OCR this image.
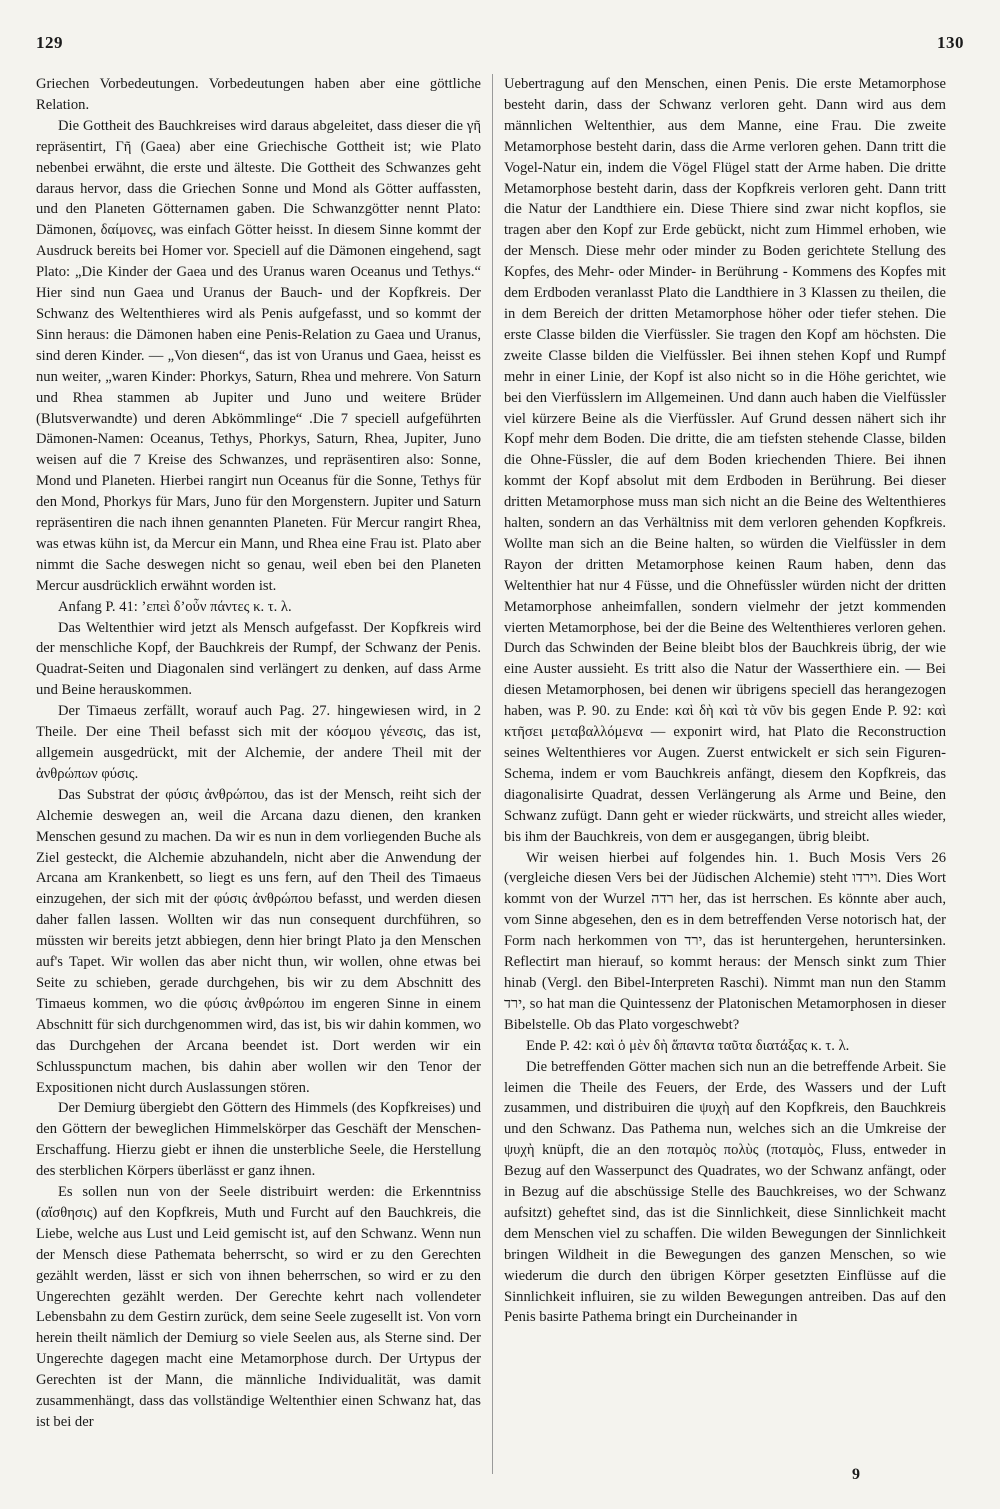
129	130

Griechen Vorbedeutungen. Vorbedeutungen haben aber eine göttliche Relation.

Die Gottheit des Bauchkreises wird daraus abgeleitet, dass dieser die γῆ repräsentirt, Γῆ (Gaea) aber eine Griechische Gottheit ist; wie Plato nebenbei erwähnt, die erste und älteste. Die Gottheit des Schwanzes geht daraus hervor, dass die Griechen Sonne und Mond als Götter auffassten, und den Planeten Götternamen gaben. Die Schwanzgötter nennt Plato: Dämonen, δαίμονες, was einfach Götter heisst. In diesem Sinne kommt der Ausdruck bereits bei Homer vor. Speciell auf die Dämonen eingehend, sagt Plato: „Die Kinder der Gaea und des Uranus waren Oceanus und Tethys.“ Hier sind nun Gaea und Uranus der Bauch- und der Kopfkreis. Der Schwanz des Weltenthieres wird als Penis aufgefasst, und so kommt der Sinn heraus: die Dämonen haben eine Penis-Relation zu Gaea und Uranus, sind deren Kinder. — „Von diesen“, das ist von Uranus und Gaea, heisst es nun weiter, „waren Kinder: Phorkys, Saturn, Rhea und mehrere. Von Saturn und Rhea stammen ab Jupiter und Juno und weitere Brüder (Blutsverwandte) und deren Abkömmlinge“ .Die 7 speciell aufgeführten Dämonen-Namen: Oceanus, Tethys, Phorkys, Saturn, Rhea, Jupiter, Juno weisen auf die 7 Kreise des Schwanzes, und repräsentiren also: Sonne, Mond und Planeten. Hierbei rangirt nun Oceanus für die Sonne, Tethys für den Mond, Phorkys für Mars, Juno für den Morgenstern. Jupiter und Saturn repräsentiren die nach ihnen genannten Planeten. Für Mercur rangirt Rhea, was etwas kühn ist, da Mercur ein Mann, und Rhea eine Frau ist. Plato aber nimmt die Sache deswegen nicht so genau, weil eben bei den Planeten Mercur ausdrücklich erwähnt worden ist.

Anfang P. 41: ’επεὶ δ’οὖν πάντες κ. τ. λ.

Das Weltenthier wird jetzt als Mensch aufgefasst. Der Kopfkreis wird der menschliche Kopf, der Bauchkreis der Rumpf, der Schwanz der Penis. Quadrat-Seiten und Diagonalen sind verlängert zu denken, auf dass Arme und Beine herauskommen.

Der Timaeus zerfällt, worauf auch Pag. 27. hingewiesen wird, in 2 Theile. Der eine Theil befasst sich mit der κόσμου γένεσις, das ist, allgemein ausgedrückt, mit der Alchemie, der andere Theil mit der ἀνθρώπων φύσις.

Das Substrat der φύσις ἀνθρώπου, das ist der Mensch, reiht sich der Alchemie deswegen an, weil die Arcana dazu dienen, den kranken Menschen gesund zu machen. Da wir es nun in dem vorliegenden Buche als Ziel gesteckt, die Alchemie abzuhandeln, nicht aber die Anwendung der Arcana am Krankenbett, so liegt es uns fern, auf den Theil des Timaeus einzugehen, der sich mit der φύσις ἀνθρώπου befasst, und werden diesen daher fallen lassen. Wollten wir das nun consequent durchführen, so müssten wir bereits jetzt abbiegen, denn hier bringt Plato ja den Menschen auf's Tapet. Wir wollen das aber nicht thun, wir wollen, ohne etwas bei Seite zu schieben, gerade durchgehen, bis wir zu dem Abschnitt des Timaeus kommen, wo die φύσις ἀνθρώπου im engeren Sinne in einem Abschnitt für sich durchgenommen wird, das ist, bis wir dahin kommen, wo das Durchgehen der Arcana beendet ist. Dort werden wir ein Schlusspunctum machen, bis dahin aber wollen wir den Tenor der Expositionen nicht durch Auslassungen stören.

Der Demiurg übergiebt den Göttern des Himmels (des Kopfkreises) und den Göttern der beweglichen Himmelskörper das Geschäft der Menschen-Erschaffung. Hierzu giebt er ihnen die unsterbliche Seele, die Herstellung des sterblichen Körpers überlässt er ganz ihnen.

Es sollen nun von der Seele distribuirt werden: die Erkenntniss (αἴσθησις) auf den Kopfkreis, Muth und Furcht auf den Bauchkreis, die Liebe, welche aus Lust und Leid gemischt ist, auf den Schwanz. Wenn nun der Mensch diese Pathemata beherrscht, so wird er zu den Gerechten gezählt werden, lässt er sich von ihnen beherrschen, so wird er zu den Ungerechten gezählt werden. Der Gerechte kehrt nach vollendeter Lebensbahn zu dem Gestirn zurück, dem seine Seele zugesellt ist. Von vorn herein theilt nämlich der Demiurg so viele Seelen aus, als Sterne sind. Der Ungerechte dagegen macht eine Metamorphose durch. Der Urtypus der Gerechten ist der Mann, die männliche Individualität, was damit zusammenhängt, dass das vollständige Weltenthier einen Schwanz hat, das ist bei der

Uebertragung auf den Menschen, einen Penis. Die erste Metamorphose besteht darin, dass der Schwanz verloren geht. Dann wird aus dem männlichen Weltenthier, aus dem Manne, eine Frau. Die zweite Metamorphose besteht darin, dass die Arme verloren gehen. Dann tritt die Vogel-Natur ein, indem die Vögel Flügel statt der Arme haben. Die dritte Metamorphose besteht darin, dass der Kopfkreis verloren geht. Dann tritt die Natur der Landthiere ein. Diese Thiere sind zwar nicht kopflos, sie tragen aber den Kopf zur Erde gebückt, nicht zum Himmel erhoben, wie der Mensch. Diese mehr oder minder zu Boden gerichtete Stellung des Kopfes, des Mehr- oder Minder- in Berührung - Kommens des Kopfes mit dem Erdboden veranlasst Plato die Landthiere in 3 Klassen zu theilen, die in dem Bereich der dritten Metamorphose höher oder tiefer stehen. Die erste Classe bilden die Vierfüssler. Sie tragen den Kopf am höchsten. Die zweite Classe bilden die Vielfüssler. Bei ihnen stehen Kopf und Rumpf mehr in einer Linie, der Kopf ist also nicht so in die Höhe gerichtet, wie bei den Vierfüsslern im Allgemeinen. Und dann auch haben die Vielfüssler viel kürzere Beine als die Vierfüssler. Auf Grund dessen nähert sich ihr Kopf mehr dem Boden. Die dritte, die am tiefsten stehende Classe, bilden die Ohne-Füssler, die auf dem Boden kriechenden Thiere. Bei ihnen kommt der Kopf absolut mit dem Erdboden in Berührung. Bei dieser dritten Metamorphose muss man sich nicht an die Beine des Weltenthieres halten, sondern an das Verhältniss mit dem verloren gehenden Kopfkreis. Wollte man sich an die Beine halten, so würden die Vielfüssler in dem Rayon der dritten Metamorphose keinen Raum haben, denn das Weltenthier hat nur 4 Füsse, und die Ohnefüssler würden nicht der dritten Metamorphose anheimfallen, sondern vielmehr der jetzt kommenden vierten Metamorphose, bei der die Beine des Weltenthieres verloren gehen. Durch das Schwinden der Beine bleibt blos der Bauchkreis übrig, der wie eine Auster aussieht. Es tritt also die Natur der Wasserthiere ein. — Bei diesen Metamorphosen, bei denen wir übrigens speciell das herangezogen haben, was P. 90. zu Ende: καὶ δὴ καὶ τὰ νῦν bis gegen Ende P. 92: καὶ κτῆσει μεταβαλλόμενα — exponirt wird, hat Plato die Reconstruction seines Weltenthieres vor Augen. Zuerst entwickelt er sich sein Figuren-Schema, indem er vom Bauchkreis anfängt, diesem den Kopfkreis, das diagonalisirte Quadrat, dessen Verlängerung als Arme und Beine, den Schwanz zufügt. Dann geht er wieder rückwärts, und streicht alles wieder, bis ihm der Bauchkreis, von dem er ausgegangen, übrig bleibt.

Wir weisen hierbei auf folgendes hin. 1. Buch Mosis Vers 26 (vergleiche diesen Vers bei der Jüdischen Alchemie) steht וירדו. Dies Wort kommt von der Wurzel רדה her, das ist herrschen. Es könnte aber auch, vom Sinne abgesehen, den es in dem betreffenden Verse notorisch hat, der Form nach herkommen von ירד, das ist heruntergehen, heruntersinken. Reflectirt man hierauf, so kommt heraus: der Mensch sinkt zum Thier hinab (Vergl. den Bibel-Interpreten Raschi). Nimmt man nun den Stamm ירד, so hat man die Quintessenz der Platonischen Metamorphosen in dieser Bibelstelle. Ob das Plato vorgeschwebt?

Ende P. 42: καὶ ὁ μὲν δὴ ἅπαντα ταῦτα διατάξας κ. τ. λ.

Die betreffenden Götter machen sich nun an die betreffende Arbeit. Sie leimen die Theile des Feuers, der Erde, des Wassers und der Luft zusammen, und distribuiren die ψυχὴ auf den Kopfkreis, den Bauchkreis und den Schwanz. Das Pathema nun, welches sich an die Umkreise der ψυχὴ knüpft, die an den ποταμὸς πολὺς (ποταμὸς, Fluss, entweder in Bezug auf den Wasserpunct des Quadrates, wo der Schwanz anfängt, oder in Bezug auf die abschüssige Stelle des Bauchkreises, wo der Schwanz aufsitzt) geheftet sind, das ist die Sinnlichkeit, diese Sinnlichkeit macht dem Menschen viel zu schaffen. Die wilden Bewegungen der Sinnlichkeit bringen Wildheit in die Bewegungen des ganzen Menschen, so wie wiederum die durch den übrigen Körper gesetzten Einflüsse auf die Sinnlichkeit influiren, sie zu wilden Bewegungen antreiben. Das auf den Penis basirte Pathema bringt ein Durcheinander in

9
